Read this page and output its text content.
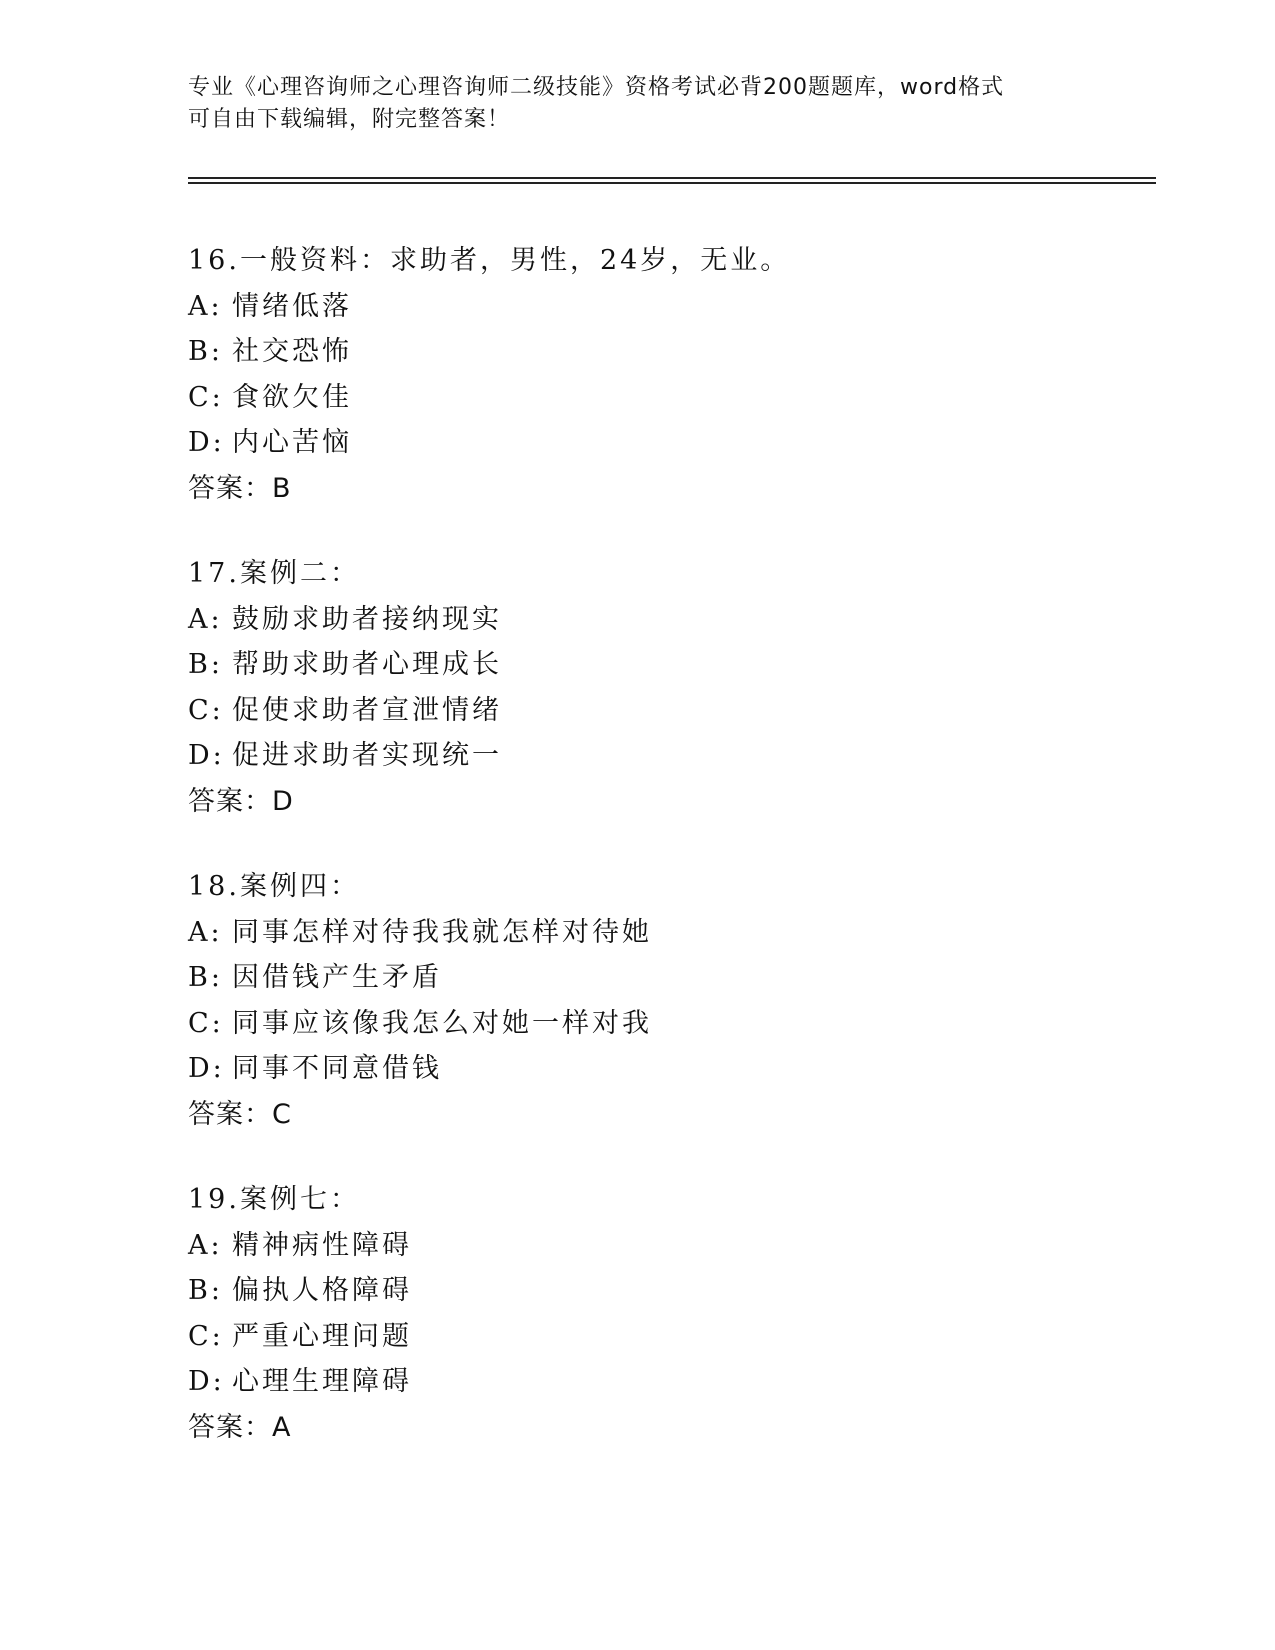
专业《心理咨询师之心理咨询师二级技能》资格考试必背200题题库，word格式
可自由下载编辑，附完整答案！
16.一般资料：求助者，男性，24岁，无业。
A: 情绪低落
B: 社交恐怖
C: 食欲欠佳
D: 内心苦恼
答案：B
17.案例二：
A: 鼓励求助者接纳现实
B: 帮助求助者心理成长
C: 促使求助者宣泄情绪
D: 促进求助者实现统一
答案：D
18.案例四：
A: 同事怎样对待我我就怎样对待她
B: 因借钱产生矛盾
C: 同事应该像我怎么对她一样对我
D: 同事不同意借钱
答案：C
19.案例七：
A: 精神病性障碍
B: 偏执人格障碍
C: 严重心理问题
D: 心理生理障碍
答案：A
